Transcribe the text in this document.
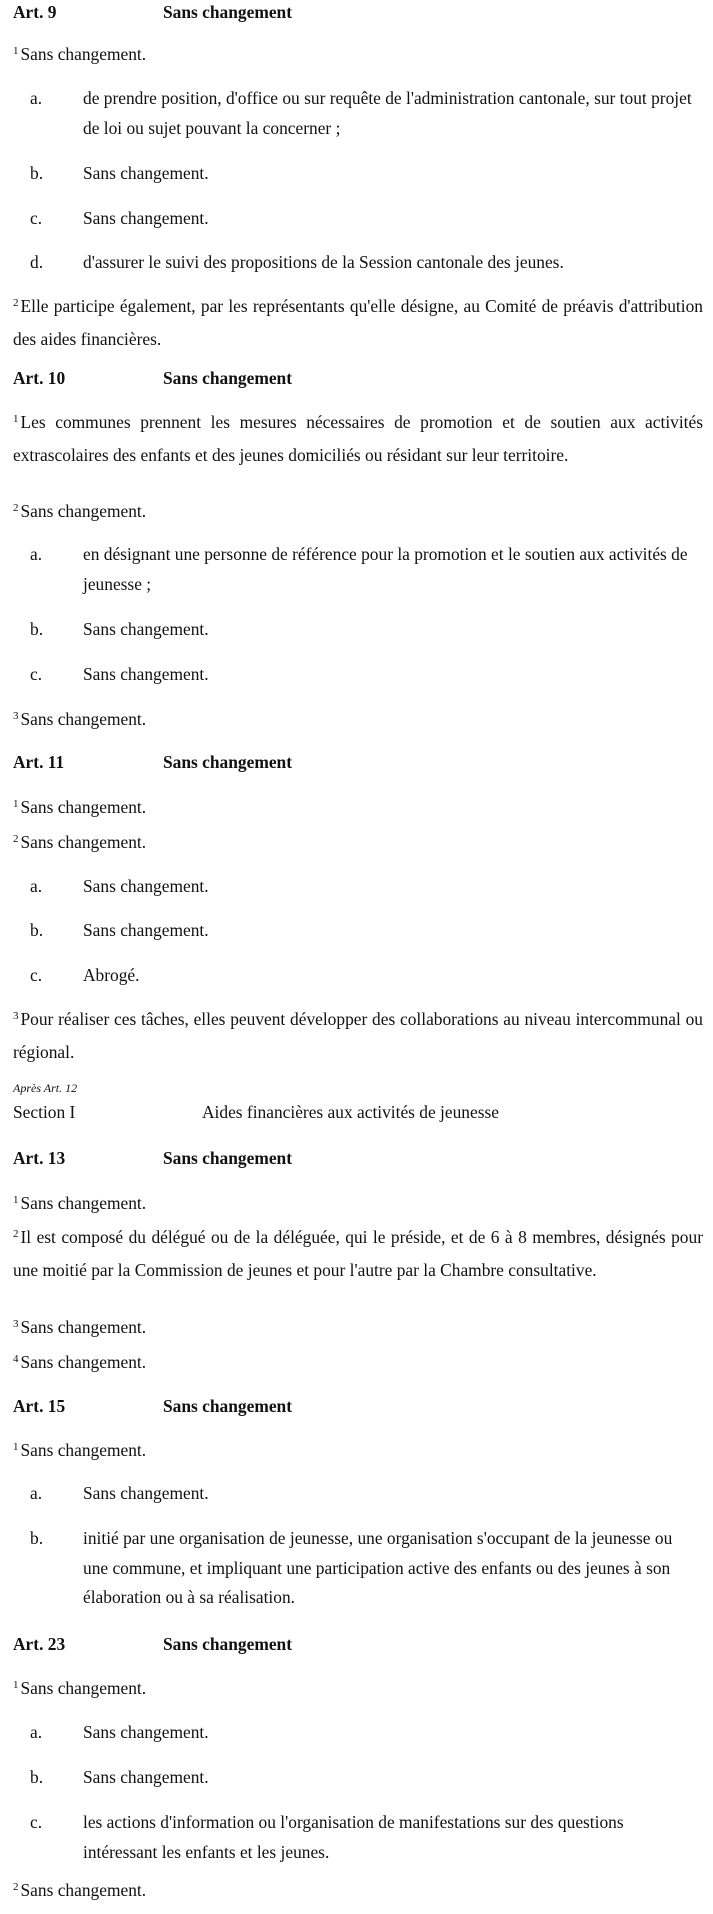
Art. 9	Sans changement
$^1$ Sans changement.
a. de prendre position, d'office ou sur requête de l'administration cantonale, sur tout projet de loi ou sujet pouvant la concerner ;
b. Sans changement.
c. Sans changement.
d. d'assurer le suivi des propositions de la Session cantonale des jeunes.
$^2$ Elle participe également, par les représentants qu'elle désigne, au Comité de préavis d'attribution des aides financières.
Art. 10	Sans changement
$^1$ Les communes prennent les mesures nécessaires de promotion et de soutien aux activités extrascolaires des enfants et des jeunes domiciliés ou résidant sur leur territoire.
$^2$ Sans changement.
a. en désignant une personne de référence pour la promotion et le soutien aux activités de jeunesse ;
b. Sans changement.
c. Sans changement.
$^3$ Sans changement.
Art. 11	Sans changement
$^1$ Sans changement.
$^2$ Sans changement.
a. Sans changement.
b. Sans changement.
c. Abrogé.
$^3$ Pour réaliser ces tâches, elles peuvent développer des collaborations au niveau intercommunal ou régional.
Après Art. 12
Section I	Aides financières aux activités de jeunesse
Art. 13	Sans changement
$^1$ Sans changement.
$^2$ Il est composé du délégué ou de la déléguée, qui le préside, et de 6 à 8 membres, désignés pour une moitié par la Commission de jeunes et pour l'autre par la Chambre consultative.
$^3$ Sans changement.
$^4$ Sans changement.
Art. 15	Sans changement
$^1$ Sans changement.
a. Sans changement.
b. initié par une organisation de jeunesse, une organisation s'occupant de la jeunesse ou une commune, et impliquant une participation active des enfants ou des jeunes à son élaboration ou à sa réalisation.
Art. 23	Sans changement
$^1$ Sans changement.
a. Sans changement.
b. Sans changement.
c. les actions d'information ou l'organisation de manifestations sur des questions intéressant les enfants et les jeunes.
$^2$ Sans changement.
